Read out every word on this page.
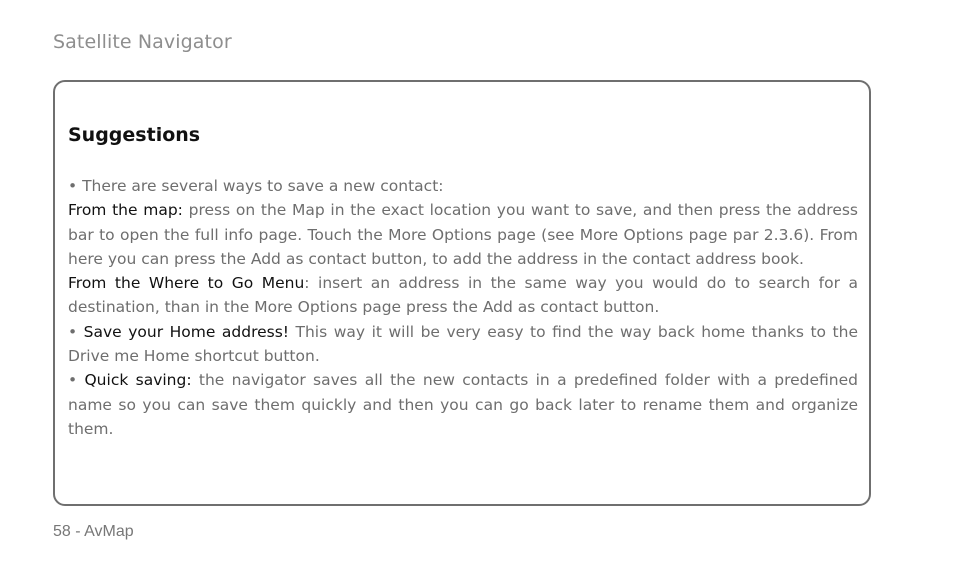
Satellite Navigator
Suggestions

• There are several ways to save a new contact:

From the map: press on the Map in the exact location you want to save, and then press the address bar to open the full info page. Touch the More Options page (see More Options page par 2.3.6). From here you can press the Add as contact button, to add the address in the contact address book.

From the Where to Go Menu: insert an address in the same way you would do to search for a destination, than in the More Options page press the Add as contact button.

• Save your Home address! This way it will be very easy to find the way back home thanks to the Drive me Home shortcut button.

• Quick saving: the navigator saves all the new contacts in a predefined folder with a predefined name so you can save them quickly and then you can go back later to rename them and organize them.

58 - AvMap
